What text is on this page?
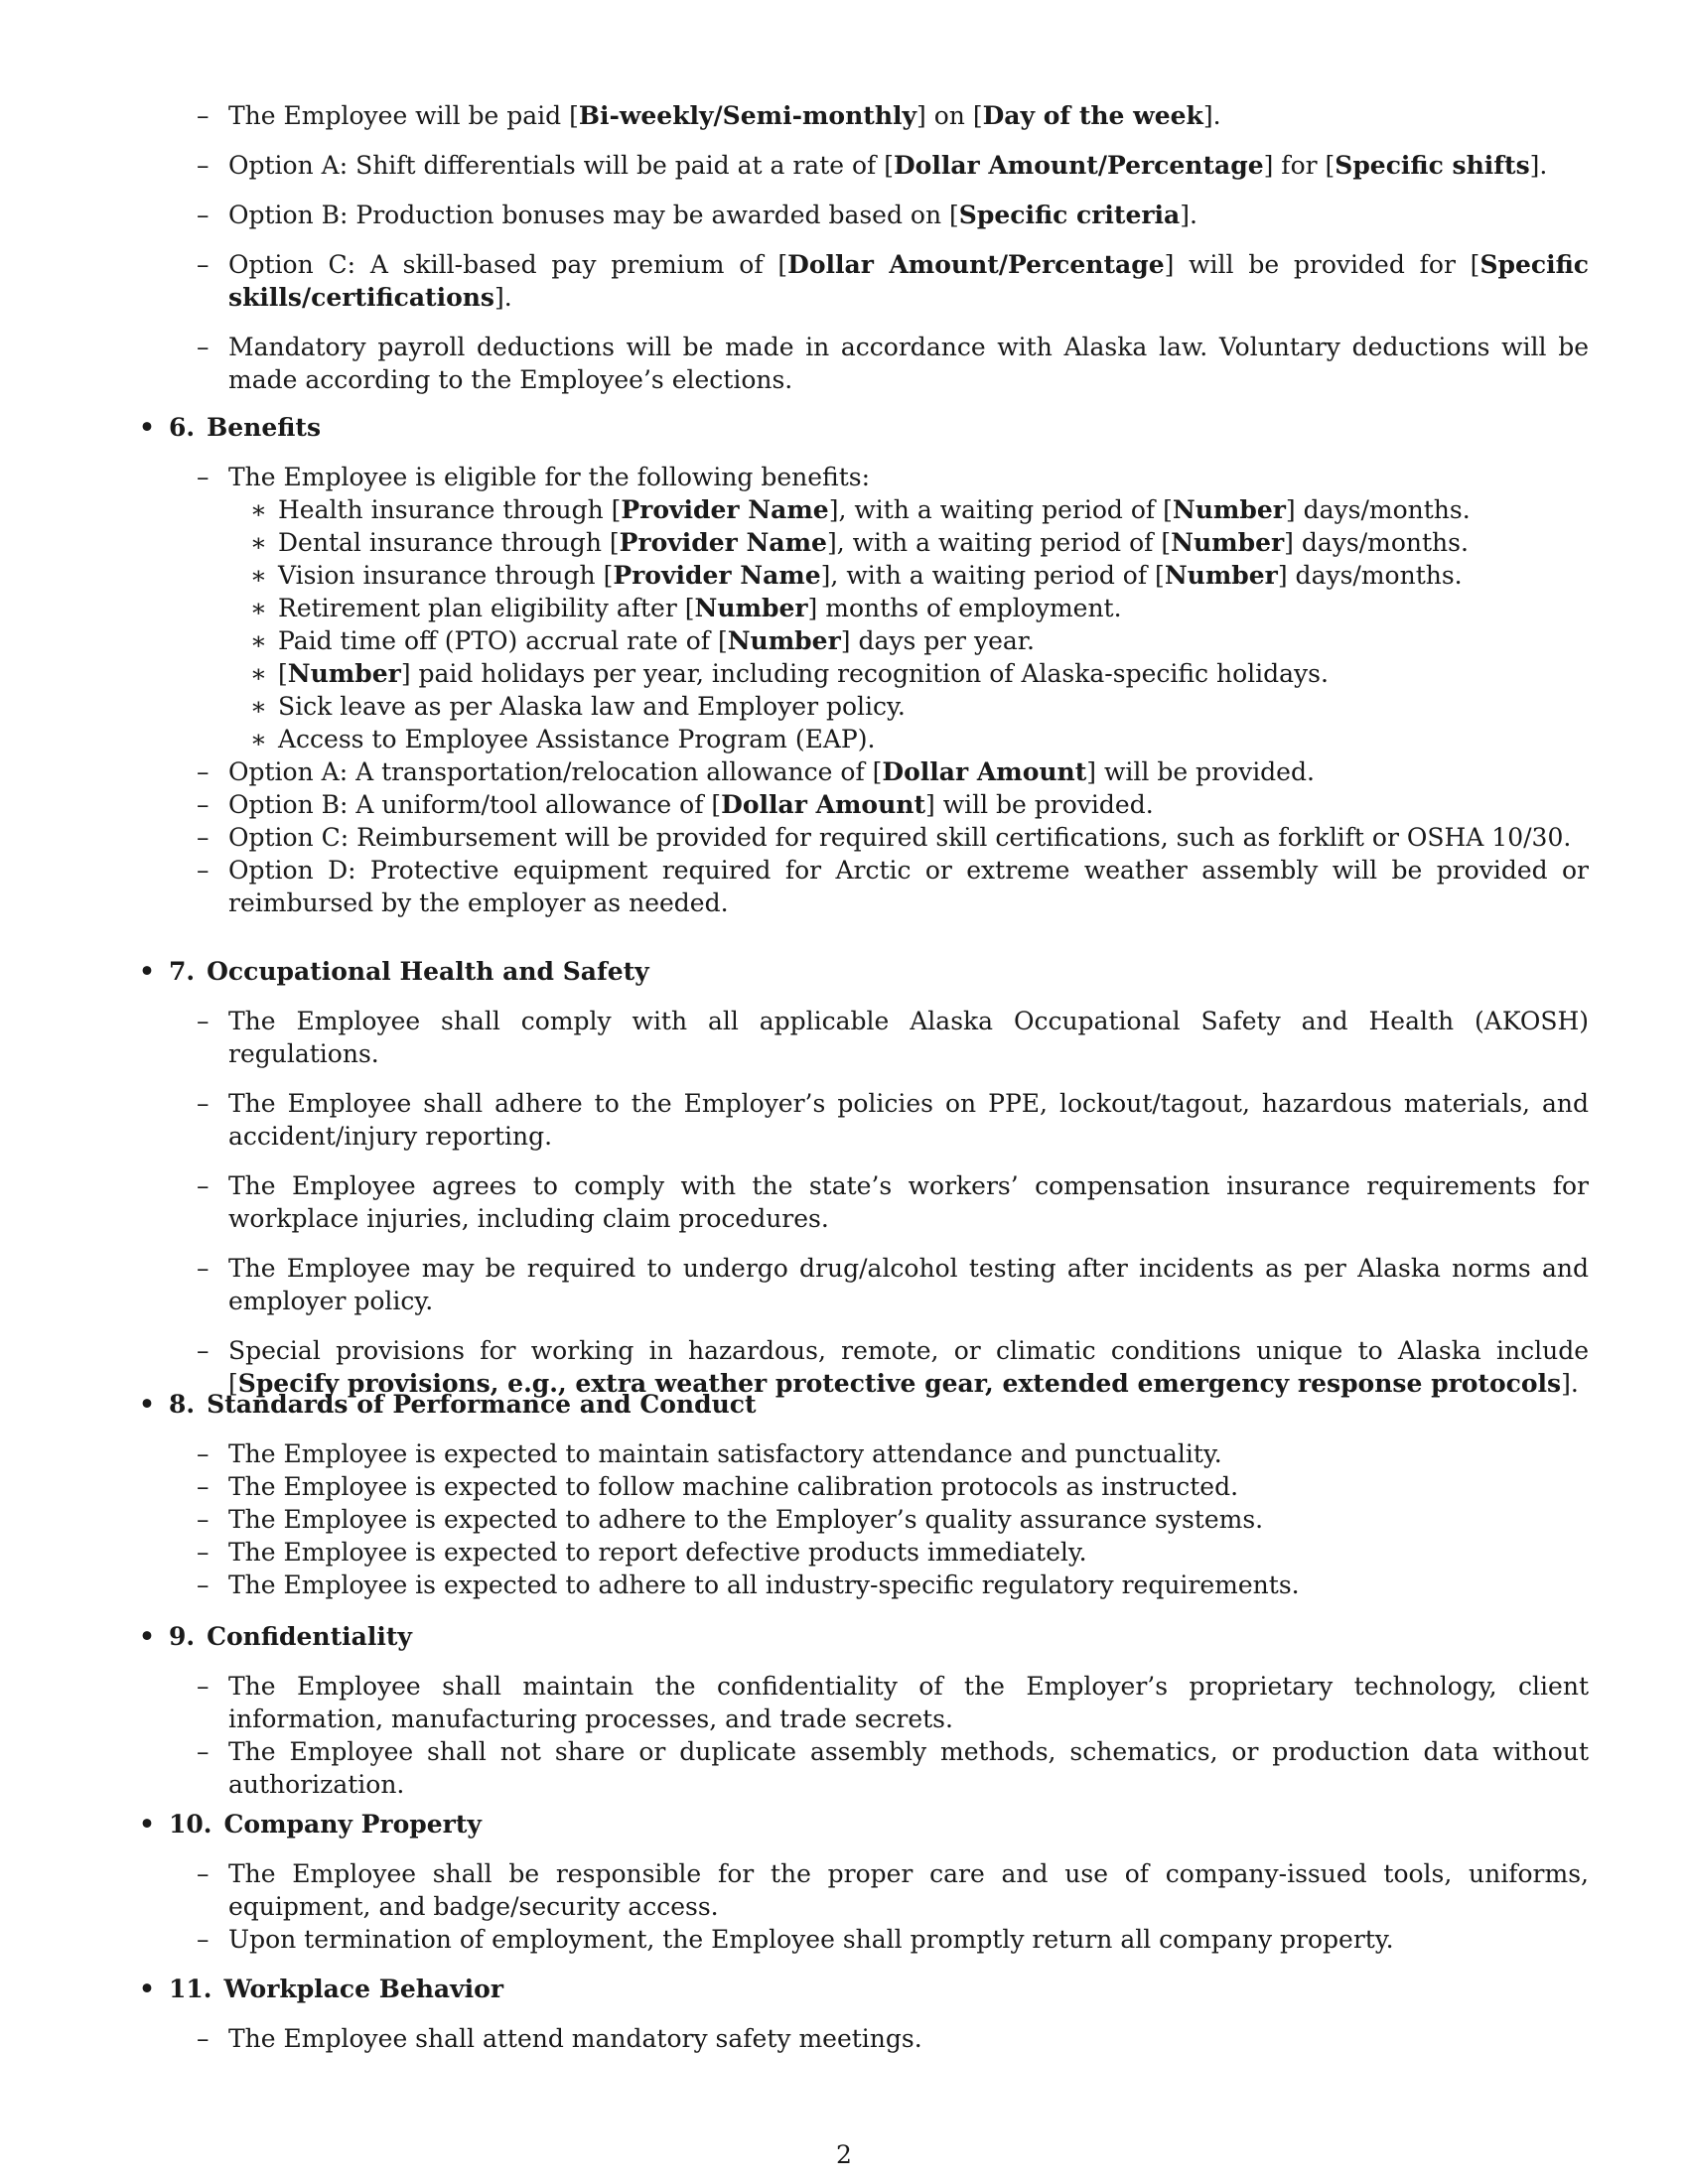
– The Employee will be paid [Bi-weekly/Semi-monthly] on [Day of the week].
– Option A: Shift differentials will be paid at a rate of [Dollar Amount/Percentage] for [Specific shifts].
– Option B: Production bonuses may be awarded based on [Specific criteria].
– Option C: A skill-based pay premium of [Dollar Amount/Percentage] will be provided for [Specific skills/certifications].
– Mandatory payroll deductions will be made in accordance with Alaska law. Voluntary deductions will be made according to the Employee’s elections.
• 6. Benefits
– The Employee is eligible for the following benefits:
∗ Health insurance through [Provider Name], with a waiting period of [Number] days/months.
∗ Dental insurance through [Provider Name], with a waiting period of [Number] days/months.
∗ Vision insurance through [Provider Name], with a waiting period of [Number] days/months.
∗ Retirement plan eligibility after [Number] months of employment.
∗ Paid time off (PTO) accrual rate of [Number] days per year.
∗ [Number] paid holidays per year, including recognition of Alaska-specific holidays.
∗ Sick leave as per Alaska law and Employer policy.
∗ Access to Employee Assistance Program (EAP).
– Option A: A transportation/relocation allowance of [Dollar Amount] will be provided.
– Option B: A uniform/tool allowance of [Dollar Amount] will be provided.
– Option C: Reimbursement will be provided for required skill certifications, such as forklift or OSHA 10/30.
– Option D: Protective equipment required for Arctic or extreme weather assembly will be provided or reimbursed by the employer as needed.
• 7. Occupational Health and Safety
– The Employee shall comply with all applicable Alaska Occupational Safety and Health (AKOSH) regulations.
– The Employee shall adhere to the Employer’s policies on PPE, lockout/tagout, hazardous materials, and accident/injury reporting.
– The Employee agrees to comply with the state’s workers’ compensation insurance requirements for workplace injuries, including claim procedures.
– The Employee may be required to undergo drug/alcohol testing after incidents as per Alaska norms and employer policy.
– Special provisions for working in hazardous, remote, or climatic conditions unique to Alaska include [Specify provisions, e.g., extra weather protective gear, extended emergency response protocols].
• 8. Standards of Performance and Conduct
– The Employee is expected to maintain satisfactory attendance and punctuality.
– The Employee is expected to follow machine calibration protocols as instructed.
– The Employee is expected to adhere to the Employer’s quality assurance systems.
– The Employee is expected to report defective products immediately.
– The Employee is expected to adhere to all industry-specific regulatory requirements.
• 9. Confidentiality
– The Employee shall maintain the confidentiality of the Employer’s proprietary technology, client information, manufacturing processes, and trade secrets.
– The Employee shall not share or duplicate assembly methods, schematics, or production data without authorization.
• 10. Company Property
– The Employee shall be responsible for the proper care and use of company-issued tools, uniforms, equipment, and badge/security access.
– Upon termination of employment, the Employee shall promptly return all company property.
• 11. Workplace Behavior
– The Employee shall attend mandatory safety meetings.
2
